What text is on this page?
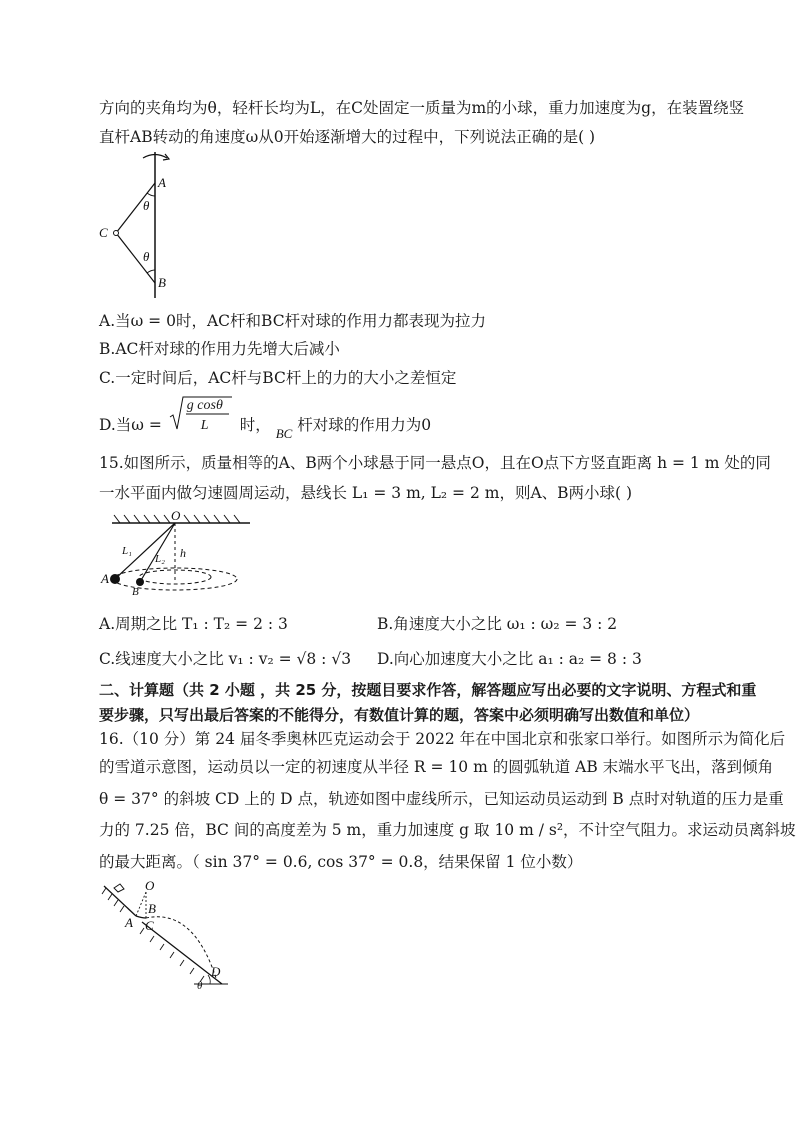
方向的夹角均为θ，轻杆长均为L，在C处固定一质量为m的小球，重力加速度为g，在装置绕竖
直杆AB转动的角速度ω从0开始逐渐增大的过程中，下列说法正确的是( )
A
B
C
θ
θ
A.当ω = 0时，AC杆和BC杆对球的作用力都表现为拉力
B.AC杆对球的作用力先增大后减小
C.一定时间后，AC杆与BC杆上的力的大小之差恒定
D.当ω =
g cosθ
L 时， $_{BC}$ 杆对球的作用力为0
15.如图所示，质量相等的A、B两个小球悬于同一悬点O，且在O点下方竖直距离 h = 1 m 处的同
一水平面内做匀速圆周运动，悬线长 L₁ = 3 m, L₂ = 2 m，则A、B两小球( )
O
L₁
L₂ h
A
B
A.周期之比 T₁ : T₂ = 2 : 3	B.角速度大小之比 ω₁ : ω₂ = 3 : 2
C.线速度大小之比 v₁ : v₂ = √8 : √3 D.向心加速度大小之比 a₁ : a₂ = 8 : 3
二、计算题（共 2 小题 ，共 25 分，按题目要求作答，解答题应写出必要的文字说明、方程式和重
要步骤，只写出最后答案的不能得分，有数值计算的题，答案中必须明确写出数值和单位）
16.（10 分）第 24 届冬季奥林匹克运动会于 2022 年在中国北京和张家口举行。如图所示为简化后
的雪道示意图，运动员以一定的初速度从半径 R = 10 m 的圆弧轨道 AB 末端水平飞出，落到倾角
θ = 37° 的斜坡 CD 上的 D 点，轨迹如图中虚线所示，已知运动员运动到 B 点时对轨道的压力是重
力的 7.25 倍，BC 间的高度差为 5 m，重力加速度 g 取 10 m / s²，不计空气阻力。求运动员离斜坡
的最大距离。（ sin 37° = 0.6, cos 37° = 0.8，结果保留 1 位小数）
O
A
B
C
D
θ
